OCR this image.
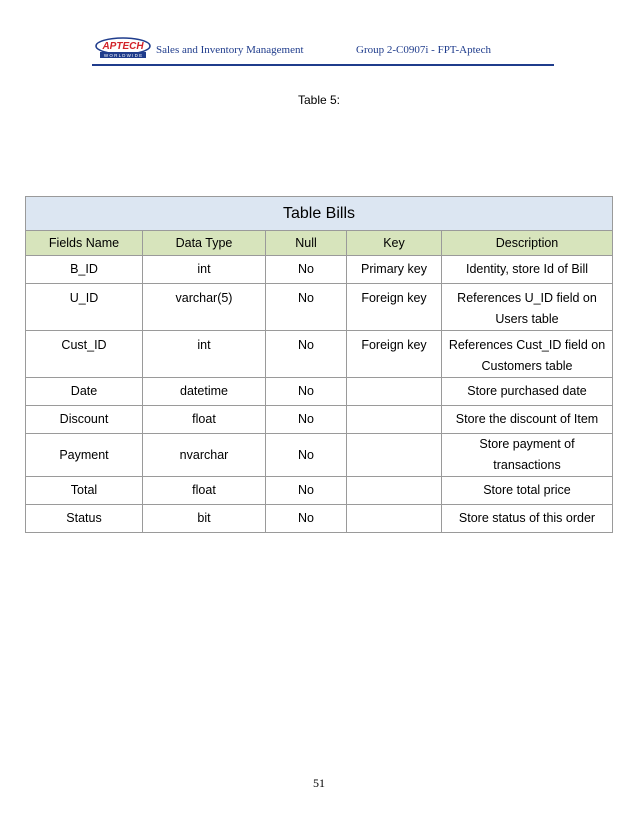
APTECH
W O R L D W I D E Sales and Inventory Management	Group 2-C0907i - FPT-Aptech
Table 5:
Table Bills				
Fields Name	Data Type	Null	Key	Description
B_ID	int	No	Primary key	Identity, store Id of Bill
U_ID	varchar(5)	No	Foreign key	References U_ID field on Users table
Cust_ID	int	No	Foreign key	References Cust_ID field on Customers table
Date	datetime	No		Store purchased date
Discount	float	No		Store the discount of Item
Payment	nvarchar	No		Store payment of transactions
Total	float	No		Store total price
Status	bit	No		Store status of this order
51
